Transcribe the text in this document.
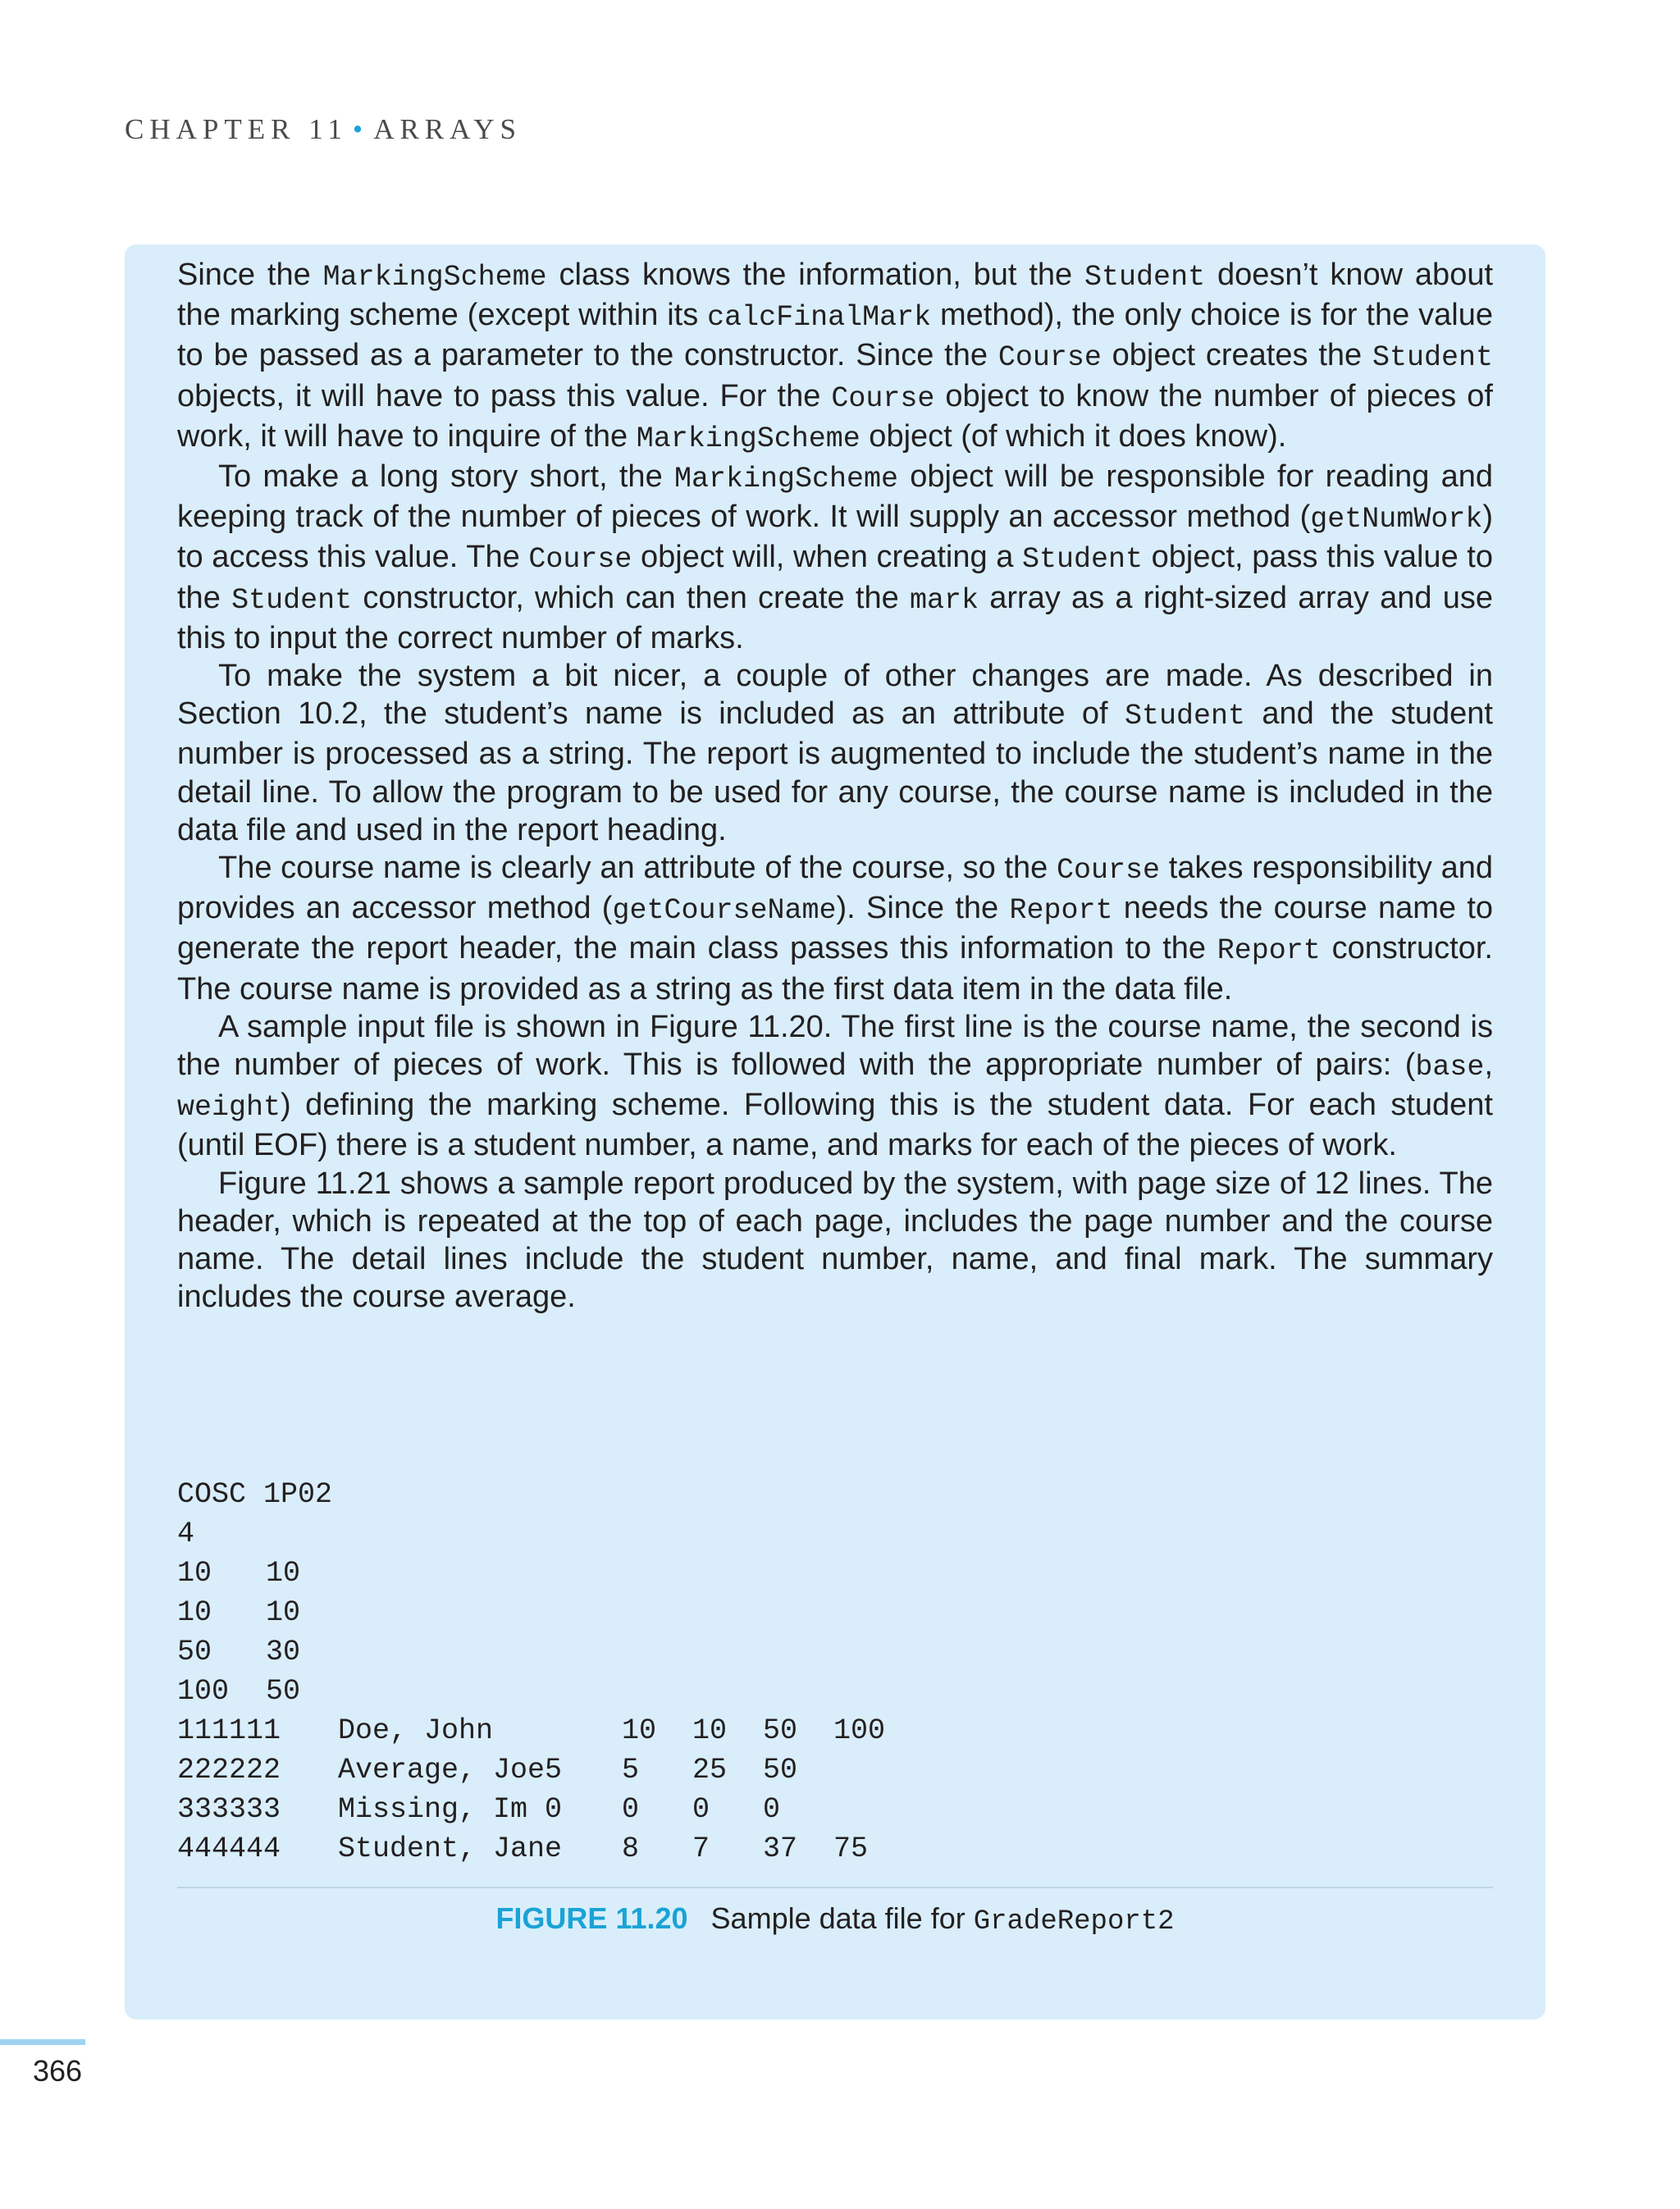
CHAPTER 11 • ARRAYS

Since the MarkingScheme class knows the information, but the Student doesn’t know about the marking scheme (except within its calcFinalMark method), the only choice is for the value to be passed as a parameter to the constructor. Since the Course object creates the Student objects, it will have to pass this value. For the Course object to know the number of pieces of work, it will have to inquire of the MarkingScheme object (of which it does know).

To make a long story short, the MarkingScheme object will be responsible for reading and keeping track of the number of pieces of work. It will supply an accessor method (getNumWork) to access this value. The Course object will, when creating a Student object, pass this value to the Student constructor, which can then create the mark array as a right-sized array and use this to input the correct number of marks.

To make the system a bit nicer, a couple of other changes are made. As described in Section 10.2, the student’s name is included as an attribute of Student and the student number is processed as a string. The report is augmented to include the student’s name in the detail line. To allow the program to be used for any course, the course name is included in the data file and used in the report heading.

The course name is clearly an attribute of the course, so the Course takes responsibility and provides an accessor method (getCourseName). Since the Report needs the course name to generate the report header, the main class passes this information to the Report constructor. The course name is provided as a string as the first data item in the data file.

A sample input file is shown in Figure 11.20. The first line is the course name, the second is the number of pieces of work. This is followed with the appropriate number of pairs: (base, weight) defining the marking scheme. Following this is the student data. For each student (until EOF) there is a student number, a name, and marks for each of the pieces of work.

Figure 11.21 shows a sample report produced by the system, with page size of 12 lines. The header, which is repeated at the top of each page, includes the page number and the course name. The detail lines include the student number, name, and final mark. The summary includes the course average.

COSC 1P02
4
10 10
10 10
50 30
100 50

111111

Doe, John

	10

10

50

100

222222

Average, Joe5

5

25

50

333333

Missing, Im 0

0

0

0

444444

Student, Jane

8

7

37

75

FIGURE 11.20 Sample data file for GradeReport2
366
